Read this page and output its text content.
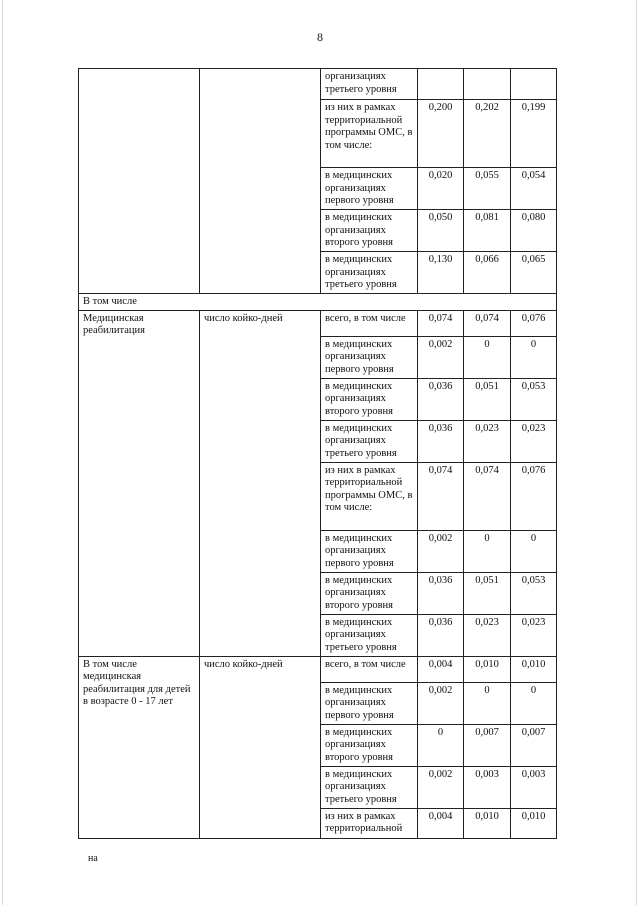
8
		организациях
третьего уровня			
		из них в рамках территориальной программы ОМС, в том числе:	0,200	0,202	0,199
		в медицинских организациях первого уровня	0,020	0,055	0,054
		в медицинских организациях второго уровня	0,050	0,081	0,080
		в медицинских организациях третьего уровня	0,130	0,066	0,065
В том числе					
Медицинская реабилитация	число койко-дней	всего, в том числе	0,074	0,074	0,076
		в медицинских организациях первого уровня	0,002	0	0
		в медицинских организациях второго уровня	0,036	0,051	0,053
		в медицинских организациях третьего уровня	0,036	0,023	0,023
		из них в рамках территориальной программы ОМС, в том числе:	0,074	0,074	0,076
		в медицинских организациях первого уровня	0,002	0	0
		в медицинских организациях второго уровня	0,036	0,051	0,053
		в медицинских организациях третьего уровня	0,036	0,023	0,023
В том числе медицинская реабилитация для детей в возрасте 0 - 17 лет	число койко-дней	всего, в том числе	0,004	0,010	0,010
		в медицинских организациях первого уровня	0,002	0	0
		в медицинских организациях второго уровня	0	0,007	0,007
		в медицинских организациях третьего уровня	0,002	0,003	0,003
		из них в рамках территориальной	0,004	0,010	0,010
на
